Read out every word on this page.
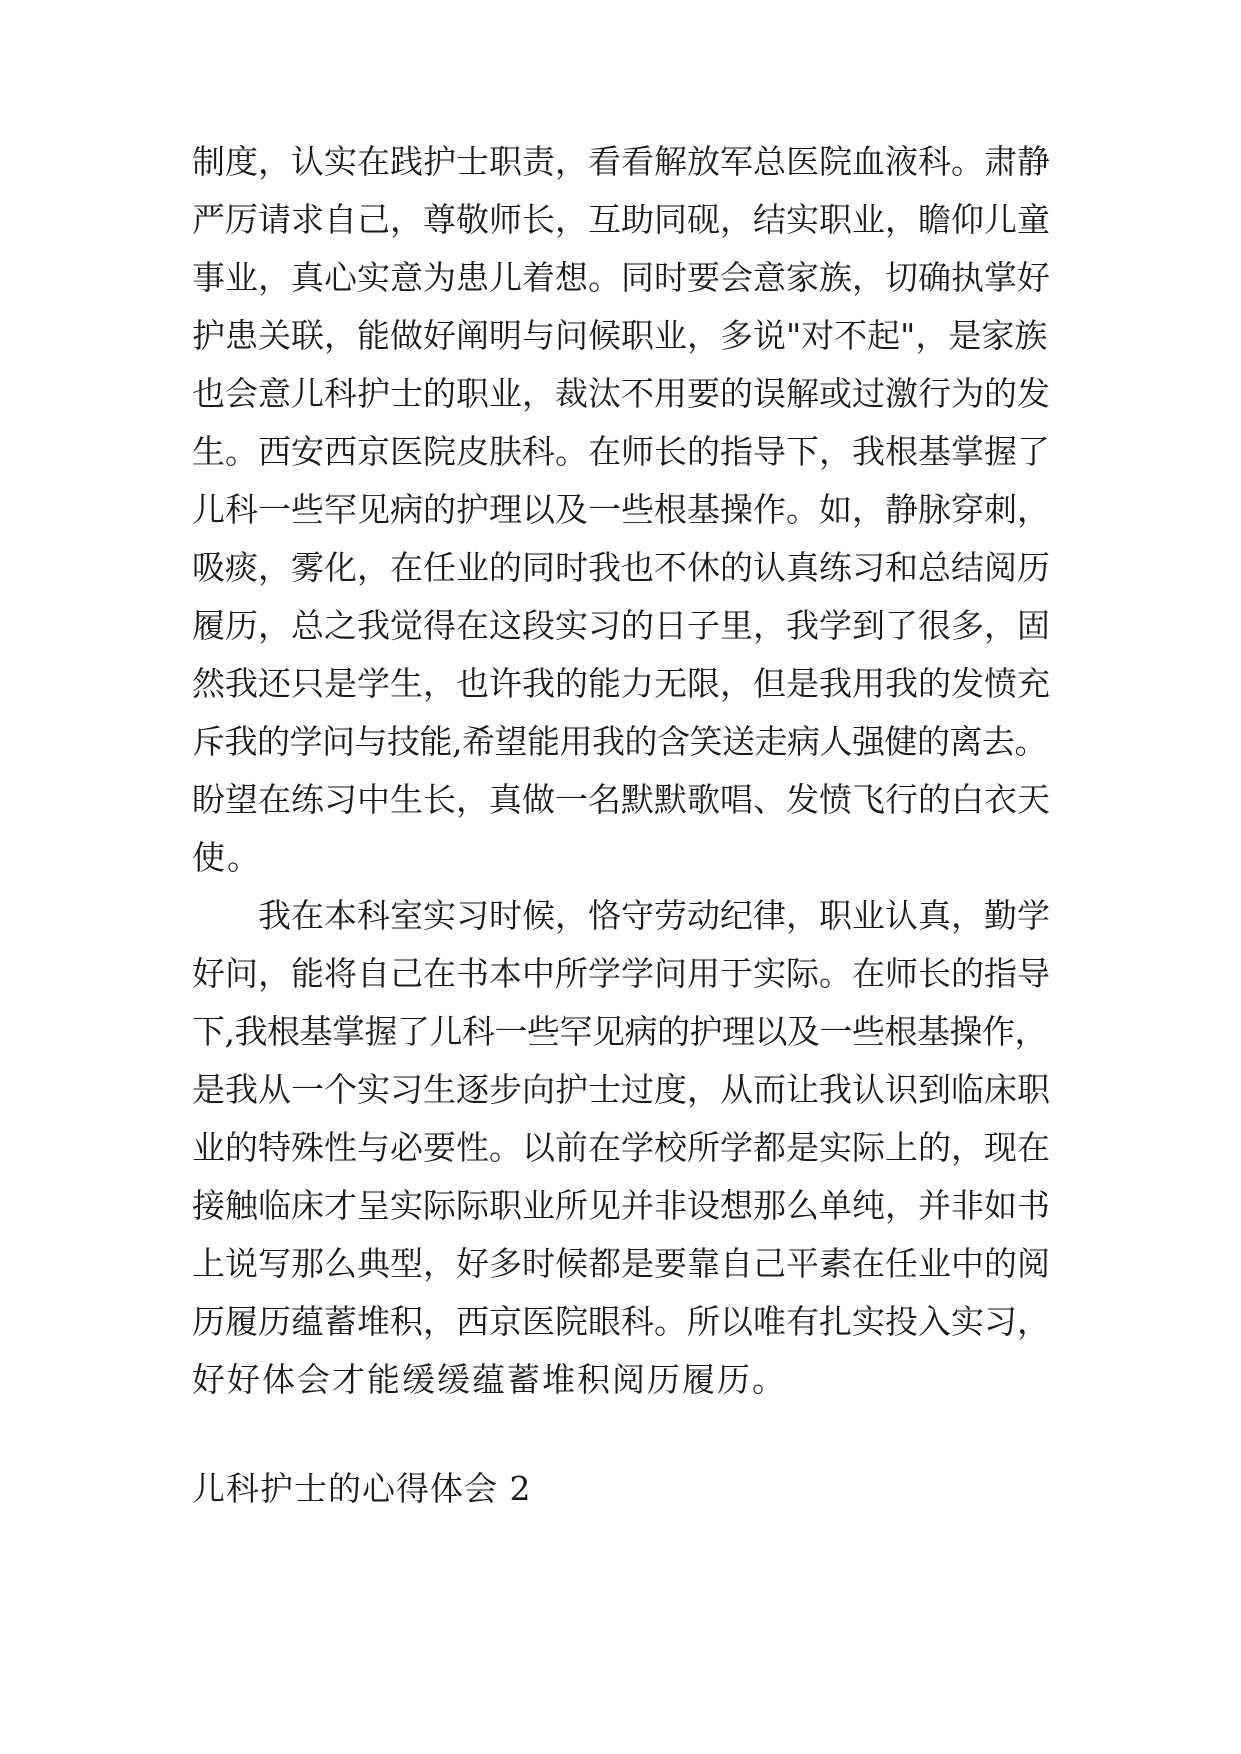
制度，认实在践护士职责，看看解放军总医院血液科。肃静
严厉请求自己，尊敬师长，互助同砚，结实职业，瞻仰儿童
事业，真心实意为患儿着想。同时要会意家族，切确执掌好
护患关联，能做好阐明与问候职业，多说"对不起"，是家族
也会意儿科护士的职业，裁汰不用要的误解或过激行为的发
生。西安西京医院皮肤科。在师长的指导下，我根基掌握了
儿科一些罕见病的护理以及一些根基操作。如，静脉穿刺，
吸痰，雾化，在任业的同时我也不休的认真练习和总结阅历
履历，总之我觉得在这段实习的日子里，我学到了很多，固
然我还只是学生，也许我的能力无限，但是我用我的发愤充
斥我的学问与技能,希望能用我的含笑送走病人强健的离去。
盼望在练习中生长，真做一名默默歌唱、发愤飞行的白衣天
使。
我在本科室实习时候，恪守劳动纪律，职业认真，勤学
好问，能将自己在书本中所学学问用于实际。在师长的指导
下,我根基掌握了儿科一些罕见病的护理以及一些根基操作，
是我从一个实习生逐步向护士过度，从而让我认识到临床职
业的特殊性与必要性。以前在学校所学都是实际上的，现在
接触临床才呈实际际职业所见并非设想那么单纯，并非如书
上说写那么典型，好多时候都是要靠自己平素在任业中的阅
历履历蕴蓄堆积，西京医院眼科。所以唯有扎实投入实习，
好好体会才能缓缓蕴蓄堆积阅历履历。
儿科护士的心得体会 2
